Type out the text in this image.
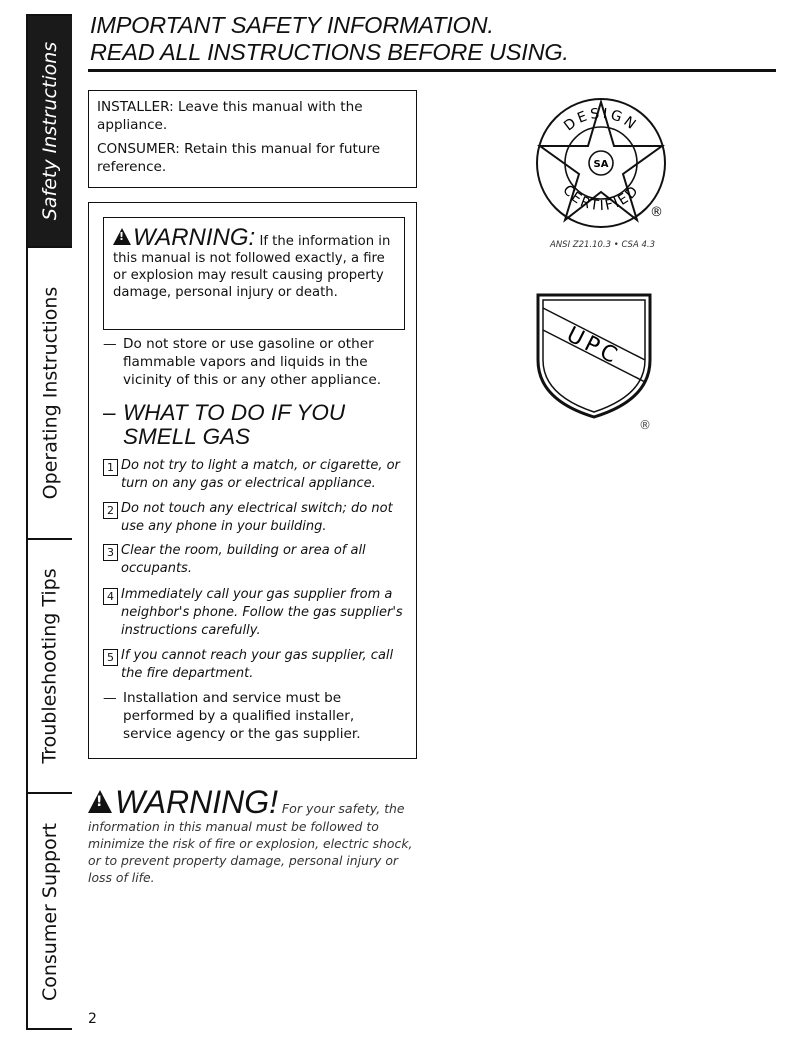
Safety Instructions
Operating Instructions
Troubleshooting Tips
Consumer Support
IMPORTANT SAFETY INFORMATION.
READ ALL INSTRUCTIONS BEFORE USING.

INSTALLER: Leave this manual with the appliance.

CONSUMER: Retain this manual for future reference.

!WARNING: If the information in this manual is not followed exactly, a fire or explosion may result causing property damage, personal injury or death.
— Do not store or use gasoline or other flammable vapors and liquids in the vicinity of this or any other appliance.
– WHAT TO DO IF YOU SMELL GAS
1 Do not try to light a match, or cigarette, or turn on any gas or electrical appliance.
2 Do not touch any electrical switch; do not use any phone in your building.
3 Clear the room, building or area of all occupants.
4 Immediately call your gas supplier from a neighbor's phone. Follow the gas supplier's instructions carefully.
5 If you cannot reach your gas supplier, call the fire department.
— Installation and service must be performed by a qualified installer, service agency or the gas supplier.
!WARNING! For your safety, the information in this manual must be followed to minimize the risk of fire or explosion, electric shock, or to prevent property damage, personal injury or loss of life.
SA
DESIGN
CERTIFIED
®
ANSI Z21.10.3 • CSA 4.3
UPC
®
2
